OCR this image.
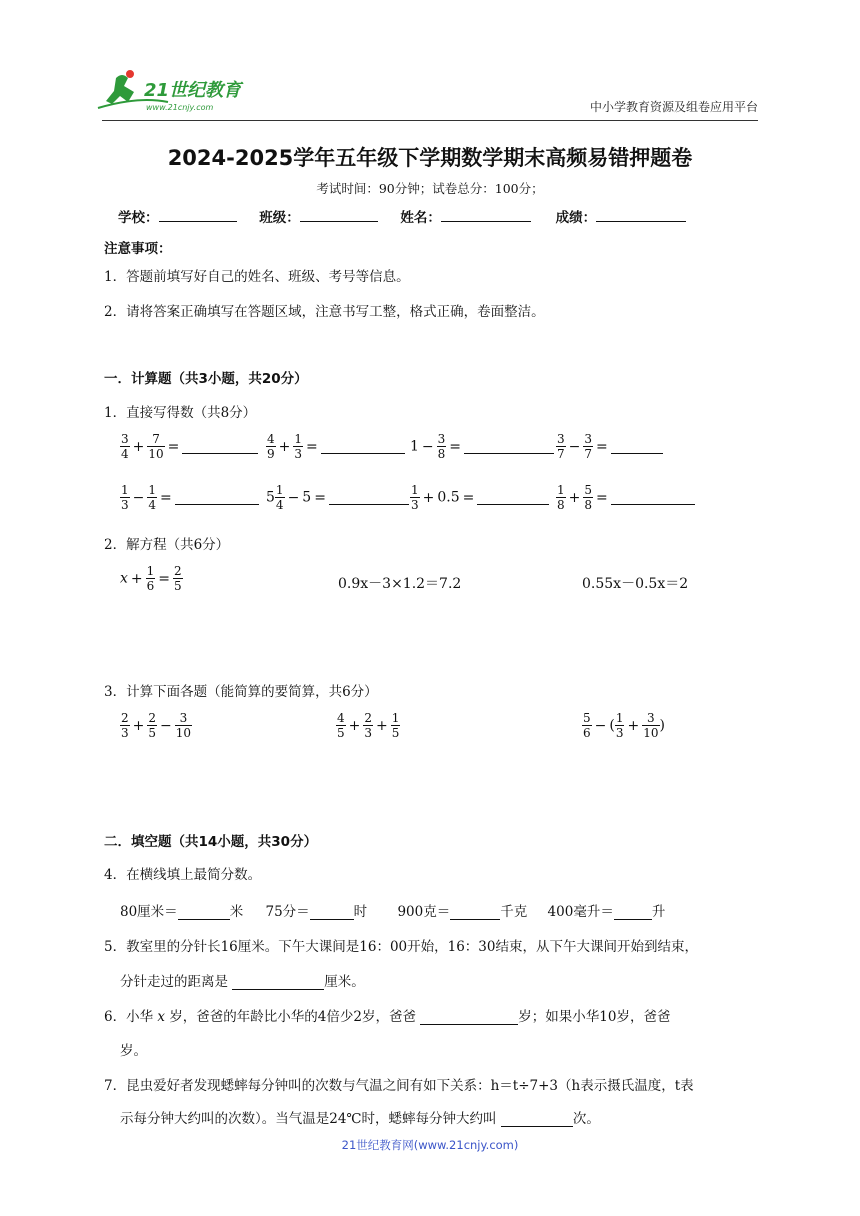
21世纪教育
www.21cnjy.com	中小学教育资源及组卷应用平台
2024-2025学年五年级下学期数学期末高频易错押题卷
考试时间：90分钟；试卷总分：100分；
学校：	班级：	姓名：	成绩：
注意事项：
1．答题前填写好自己的姓名、班级、考号等信息。
2．请将答案正确填写在答题区域，注意书写工整，格式正确，卷面整洁。
一．计算题（共3小题，共20分）
1．直接写得数（共8分）
$\frac{3}{4} + \frac{7}{10}$ =	$\frac{4}{9} + \frac{1}{3}$ =	$1 - \frac{3}{8}$ =	$\frac{3}{7} - \frac{3}{7}$ =
$\frac{1}{3} - \frac{1}{4}$ =	$5 \frac{1}{4} - 5$ =	$\frac{1}{3} + 0.5$ =	$\frac{1}{8} + \frac{5}{8}$ =
2．解方程（共6分）
$x + \frac{1}{6} = \frac{2}{5}$	0.9x－3×1.2＝7.2	0.55x－0.5x＝2
3．计算下面各题（能简算的要简算，共6分）
$\frac{2}{3} + \frac{2}{5} - \frac{3}{10}$	$\frac{4}{5} + \frac{2}{3} + \frac{1}{5}$	$\frac{5}{6}$ − ( $\frac{1}{3} + \frac{3}{10}$ )
二．填空题（共14小题，共30分）
4．在横线填上最简分数。
80厘米＝	米 75分＝	时 900克＝	千克 400毫升＝	升
5．教室里的分针长16厘米。下午大课间是16：00开始，16：30结束，从下午大课间开始到结束，
分针走过的距离是	厘米。
6．小华 x 岁，爸爸的年龄比小华的4倍少2岁，爸爸	岁；如果小华10岁，爸爸
岁。
7．昆虫爱好者发现蟋蟀每分钟叫的次数与气温之间有如下关系：h＝t÷7+3（h表示摄氏温度，t表
示每分钟大约叫的次数）。当气温是24℃时，蟋蟀每分钟大约叫	次。
21世纪教育网(www.21cnjy.com)
